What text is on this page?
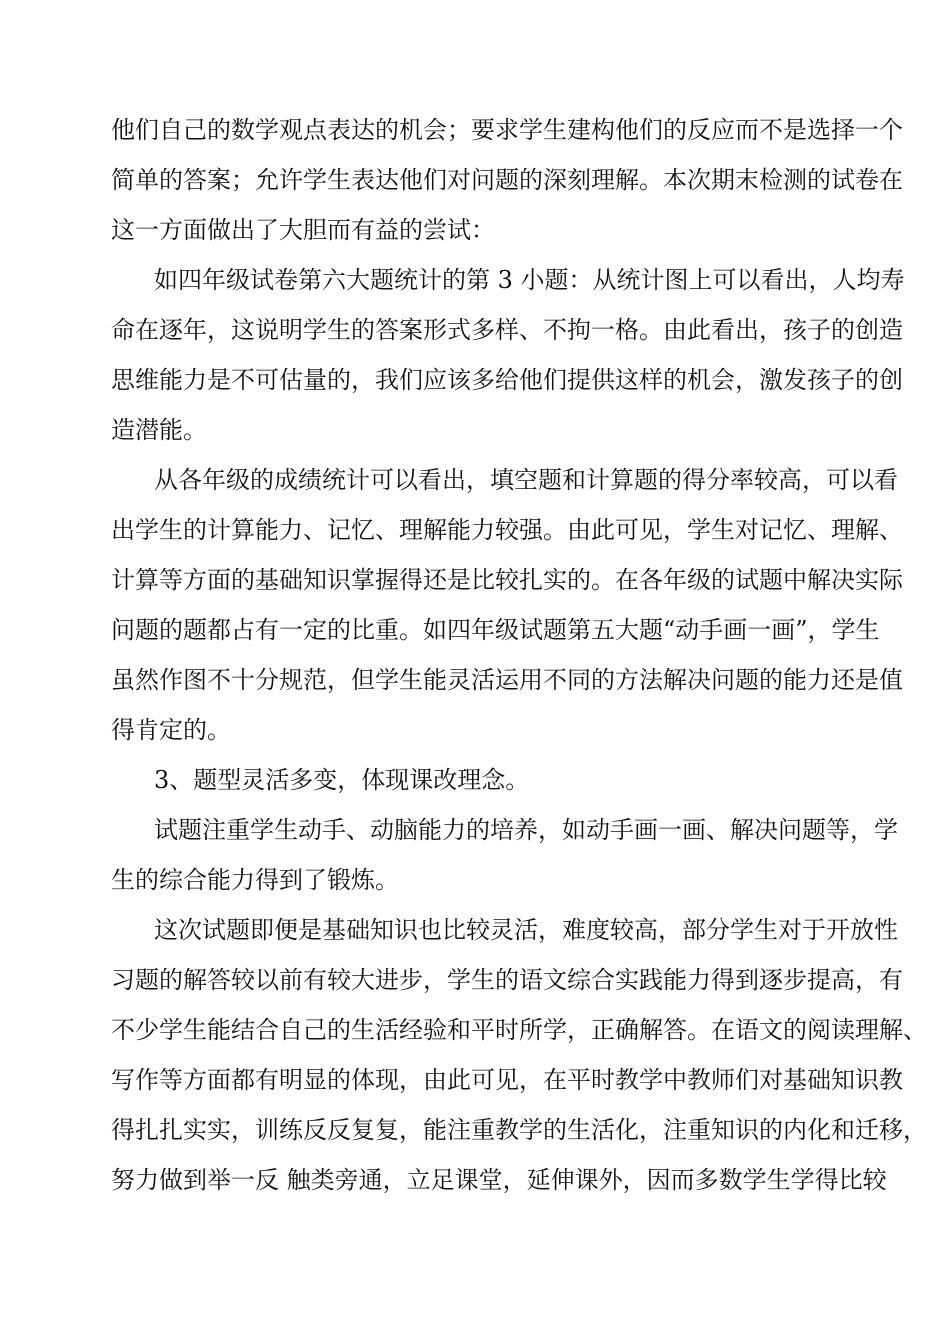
他们自己的数学观点表达的机会；要求学生建构他们的反应而不是选择一个
简单的答案；允许学生表达他们对问题的深刻理解。本次期末检测的试卷在
这一方面做出了大胆而有益的尝试：
如四年级试卷第六大题统计的第 3 小题：从统计图上可以看出，人均寿
命在逐年，这说明学生的答案形式多样、不拘一格。由此看出，孩子的创造
思维能力是不可估量的，我们应该多给他们提供这样的机会，激发孩子的创
造潜能。
从各年级的成绩统计可以看出，填空题和计算题的得分率较高，可以看
出学生的计算能力、记忆、理解能力较强。由此可见，学生对记忆、理解、
计算等方面的基础知识掌握得还是比较扎实的。在各年级的试题中解决实际
问题的题都占有一定的比重。如四年级试题第五大题“动手画一画”，学生
虽然作图不十分规范，但学生能灵活运用不同的方法解决问题的能力还是值
得肯定的。
3、题型灵活多变，体现课改理念。
试题注重学生动手、动脑能力的培养，如动手画一画、解决问题等，学
生的综合能力得到了锻炼。
这次试题即便是基础知识也比较灵活，难度较高，部分学生对于开放性
习题的解答较以前有较大进步，学生的语文综合实践能力得到逐步提高，有
不少学生能结合自己的生活经验和平时所学，正确解答。在语文的阅读理解、
写作等方面都有明显的体现，由此可见，在平时教学中教师们对基础知识教
得扎扎实实，训练反反复复，能注重教学的生活化，注重知识的内化和迁移，
努力做到举一反 触类旁通，立足课堂，延伸课外，因而多数学生学得比较
